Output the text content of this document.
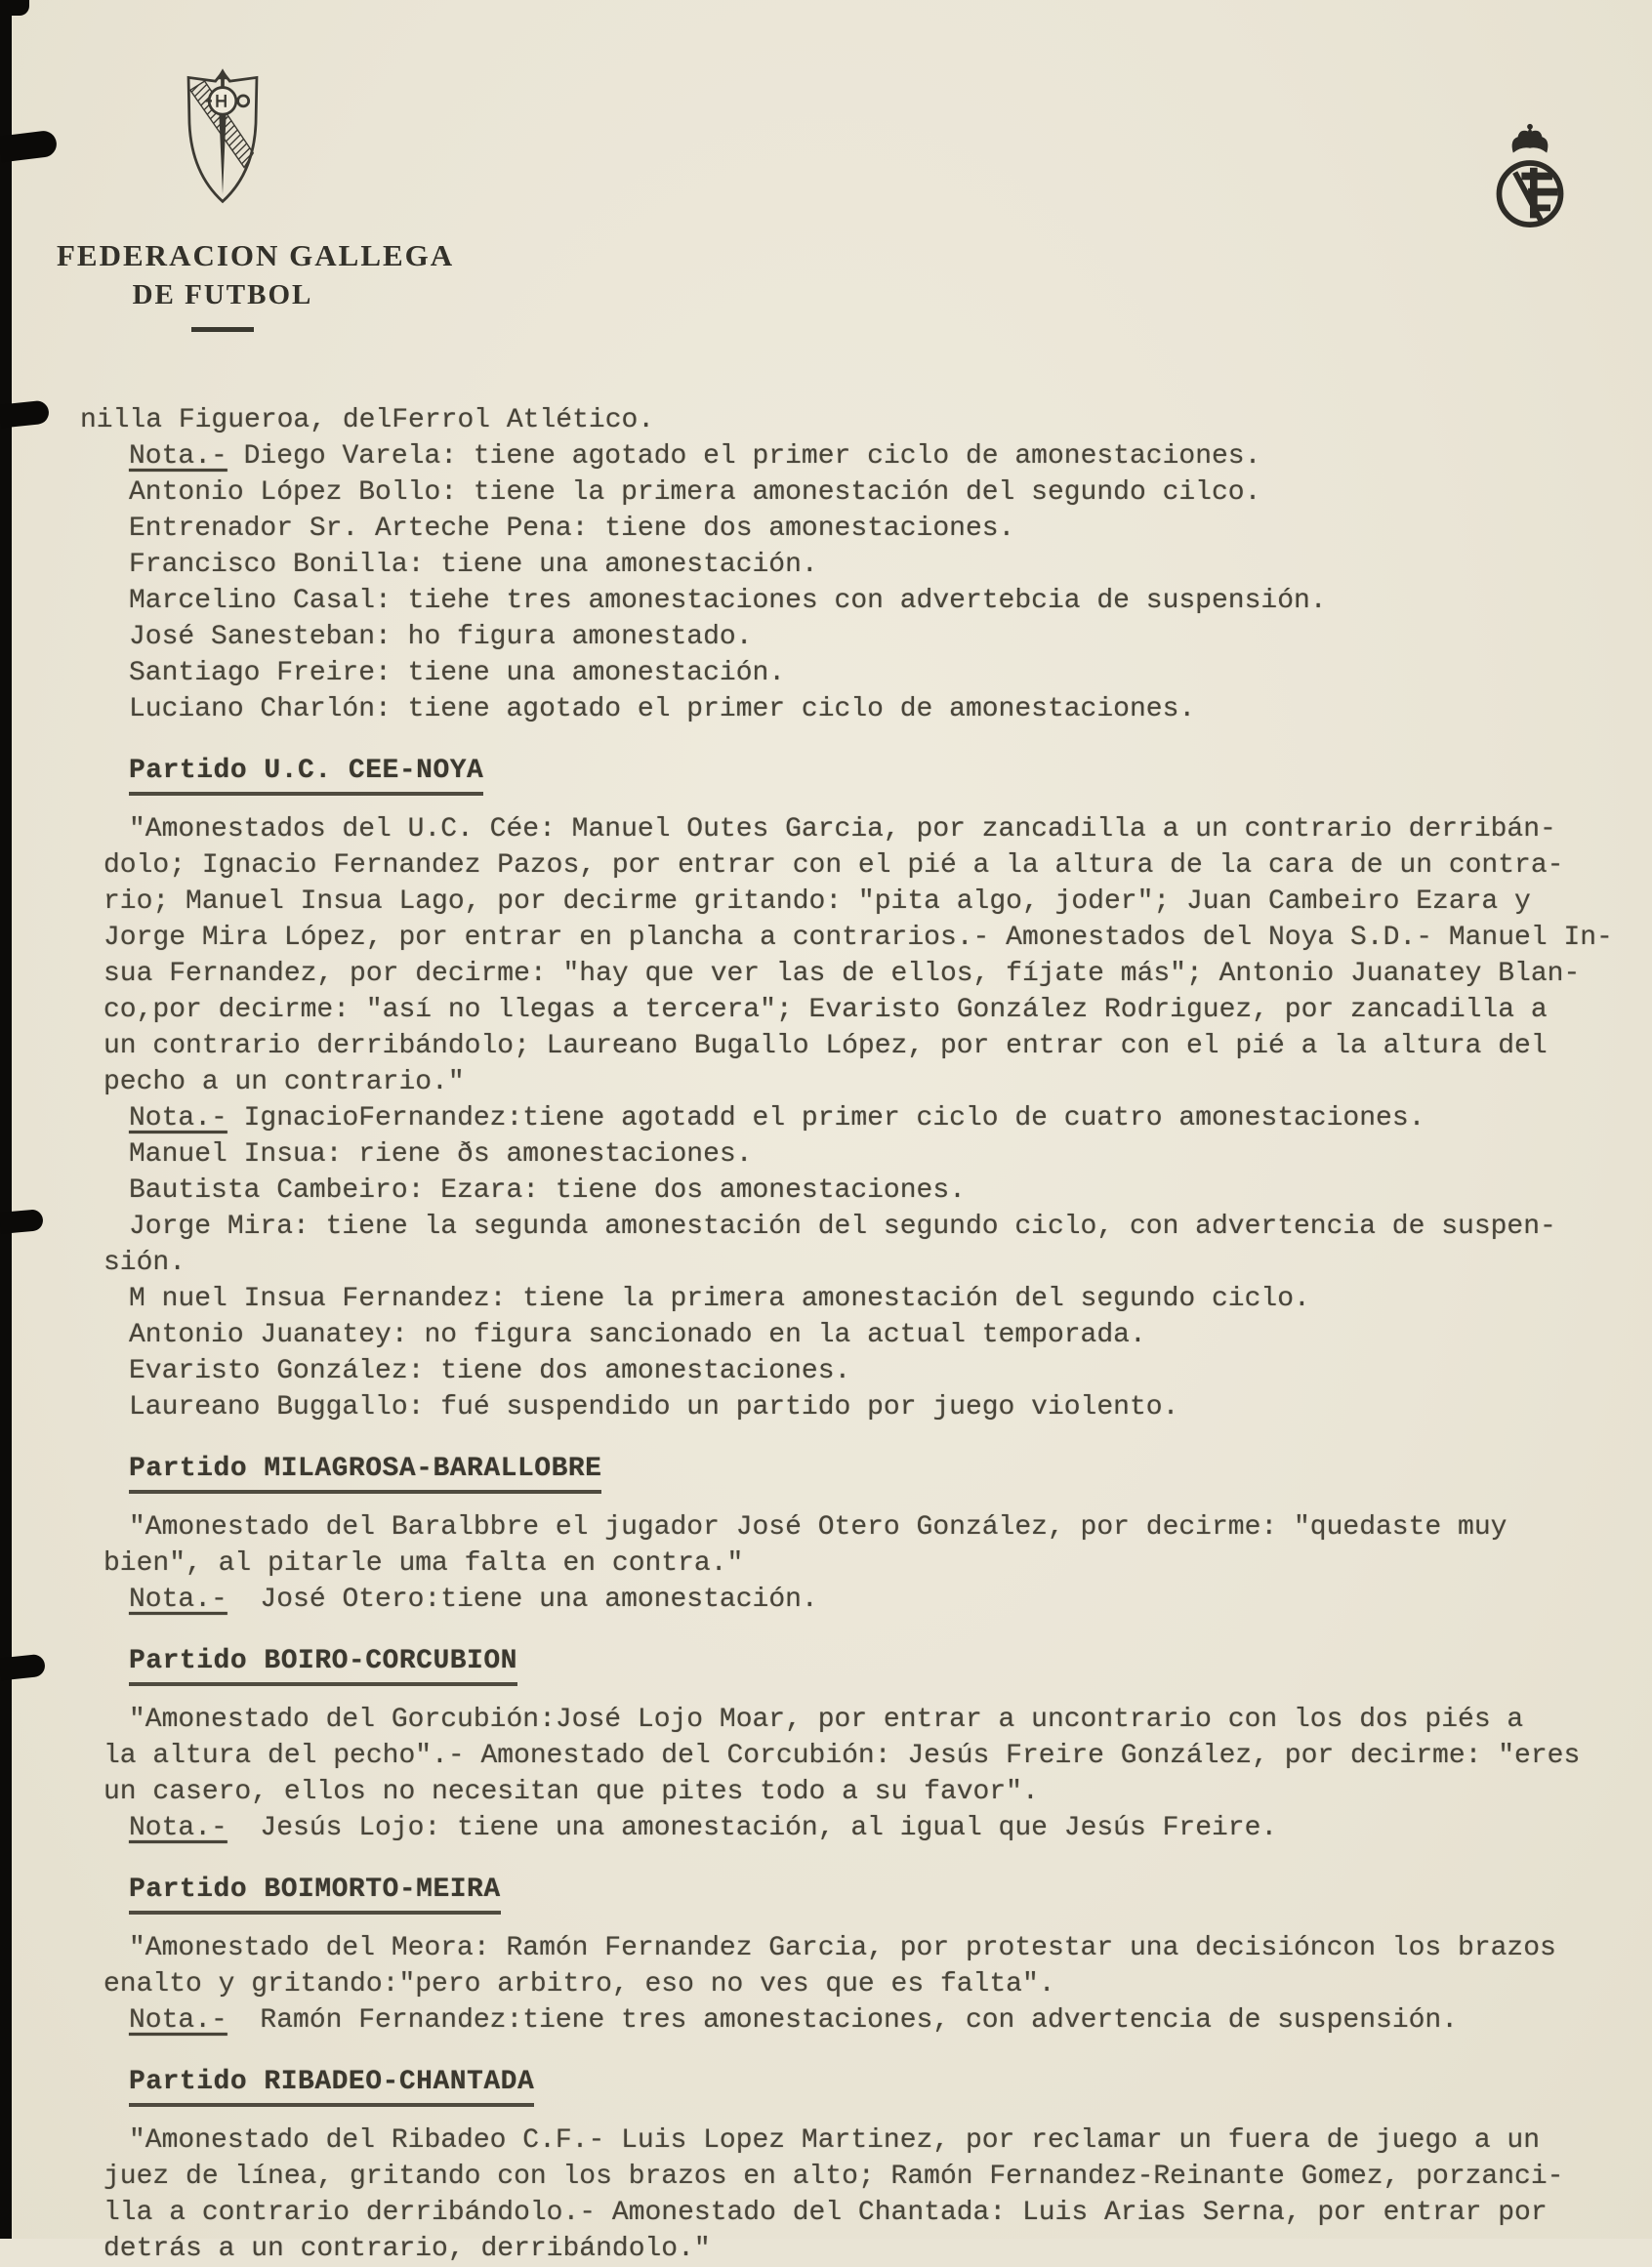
FEDERACION GALLEGA
DE FUTBOL
nilla Figueroa, delFerrol Atlético.
Nota.- Diego Varela: tiene agotado el primer ciclo de amonestaciones.
Antonio López Bollo: tiene la primera amonestación del segundo cilco.
Entrenador Sr. Arteche Pena: tiene dos amonestaciones.
Francisco Bonilla: tiene una amonestación.
Marcelino Casal: tiehe tres amonestaciones con advertebcia de suspensión.
José Sanesteban: ho figura amonestado.
Santiago Freire: tiene una amonestación.
Luciano Charlón: tiene agotado el primer ciclo de amonestaciones.
Partido U.C. CEE-NOYA
"Amonestados del U.C. Cée: Manuel Outes Garcia, por zancadilla a un contrario derribán-
dolo; Ignacio Fernandez Pazos, por entrar con el pié a la altura de la cara de un contra-
rio; Manuel Insua Lago, por decirme gritando: "pita algo, joder"; Juan Cambeiro Ezara y
Jorge Mira López, por entrar en plancha a contrarios.- Amonestados del Noya S.D.- Manuel In-
sua Fernandez, por decirme: "hay que ver las de ellos, fíjate más"; Antonio Juanatey Blan-
co,por decirme: "así no llegas a tercera"; Evaristo González Rodriguez, por zancadilla a
un contrario derribándolo; Laureano Bugallo López, por entrar con el pié a la altura del
pecho a un contrario."
Nota.- IgnacioFernandez:tiene agotadd el primer ciclo de cuatro amonestaciones.
Manuel Insua: riene ðs amonestaciones.
Bautista Cambeiro: Ezara: tiene dos amonestaciones.
Jorge Mira: tiene la segunda amonestación del segundo ciclo, con advertencia de suspen-
sión.
M nuel Insua Fernandez: tiene la primera amonestación del segundo ciclo.
Antonio Juanatey: no figura sancionado en la actual temporada.
Evaristo González: tiene dos amonestaciones.
Laureano Buggallo: fué suspendido un partido por juego violento.
Partido MILAGROSA-BARALLOBRE
"Amonestado del Baralbbre el jugador José Otero González, por decirme: "quedaste muy
bien", al pitarle uma falta en contra."
Nota.-  José Otero:tiene una amonestación.
Partido BOIRO-CORCUBION
"Amonestado del Gorcubión:José Lojo Moar, por entrar a uncontrario con los dos piés a
la altura del pecho".- Amonestado del Corcubión: Jesús Freire González, por decirme: "eres
un casero, ellos no necesitan que pites todo a su favor".
Nota.-  Jesús Lojo: tiene una amonestación, al igual que Jesús Freire.
Partido BOIMORTO-MEIRA
"Amonestado del Meora: Ramón Fernandez Garcia, por protestar una decisióncon los brazos
enalto y gritando:"pero arbitro, eso no ves que es falta".
Nota.-  Ramón Fernandez:tiene tres amonestaciones, con advertencia de suspensión.
Partido RIBADEO-CHANTADA
"Amonestado del Ribadeo C.F.- Luis Lopez Martinez, por reclamar un fuera de juego a un
juez de línea, gritando con los brazos en alto; Ramón Fernandez-Reinante Gomez, porzanci-
lla a contrario derribándolo.- Amonestado del Chantada: Luis Arias Serna, por entrar por
detrás a un contrario, derribándolo."
